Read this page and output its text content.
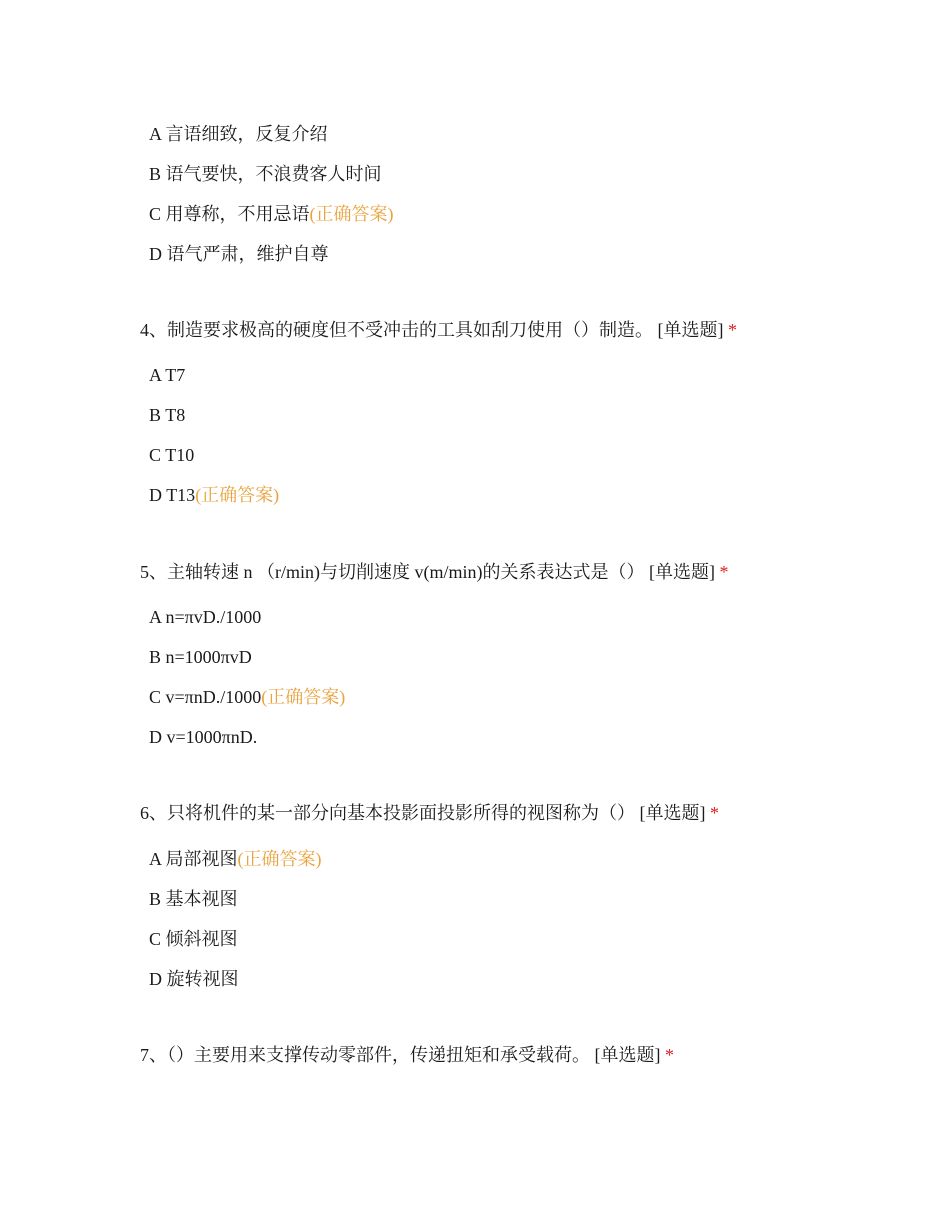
A 言语细致，反复介绍
B 语气要快，不浪费客人时间
C 用尊称，不用忌语(正确答案)
D 语气严肃，维护自尊
4、制造要求极高的硬度但不受冲击的工具如刮刀使用（）制造。 [单选题] *
A T7
B T8
C T10
D T13(正确答案)
5、主轴转速 n （r/min)与切削速度 v(m/min)的关系表达式是（） [单选题] *
A n=πvD./1000
B n=1000πvD
C v=πnD./1000(正确答案)
D v=1000πnD.
6、只将机件的某一部分向基本投影面投影所得的视图称为（） [单选题] *
A 局部视图(正确答案)
B 基本视图
C 倾斜视图
D 旋转视图
7、（）主要用来支撑传动零部件，传递扭矩和承受载荷。 [单选题] *
